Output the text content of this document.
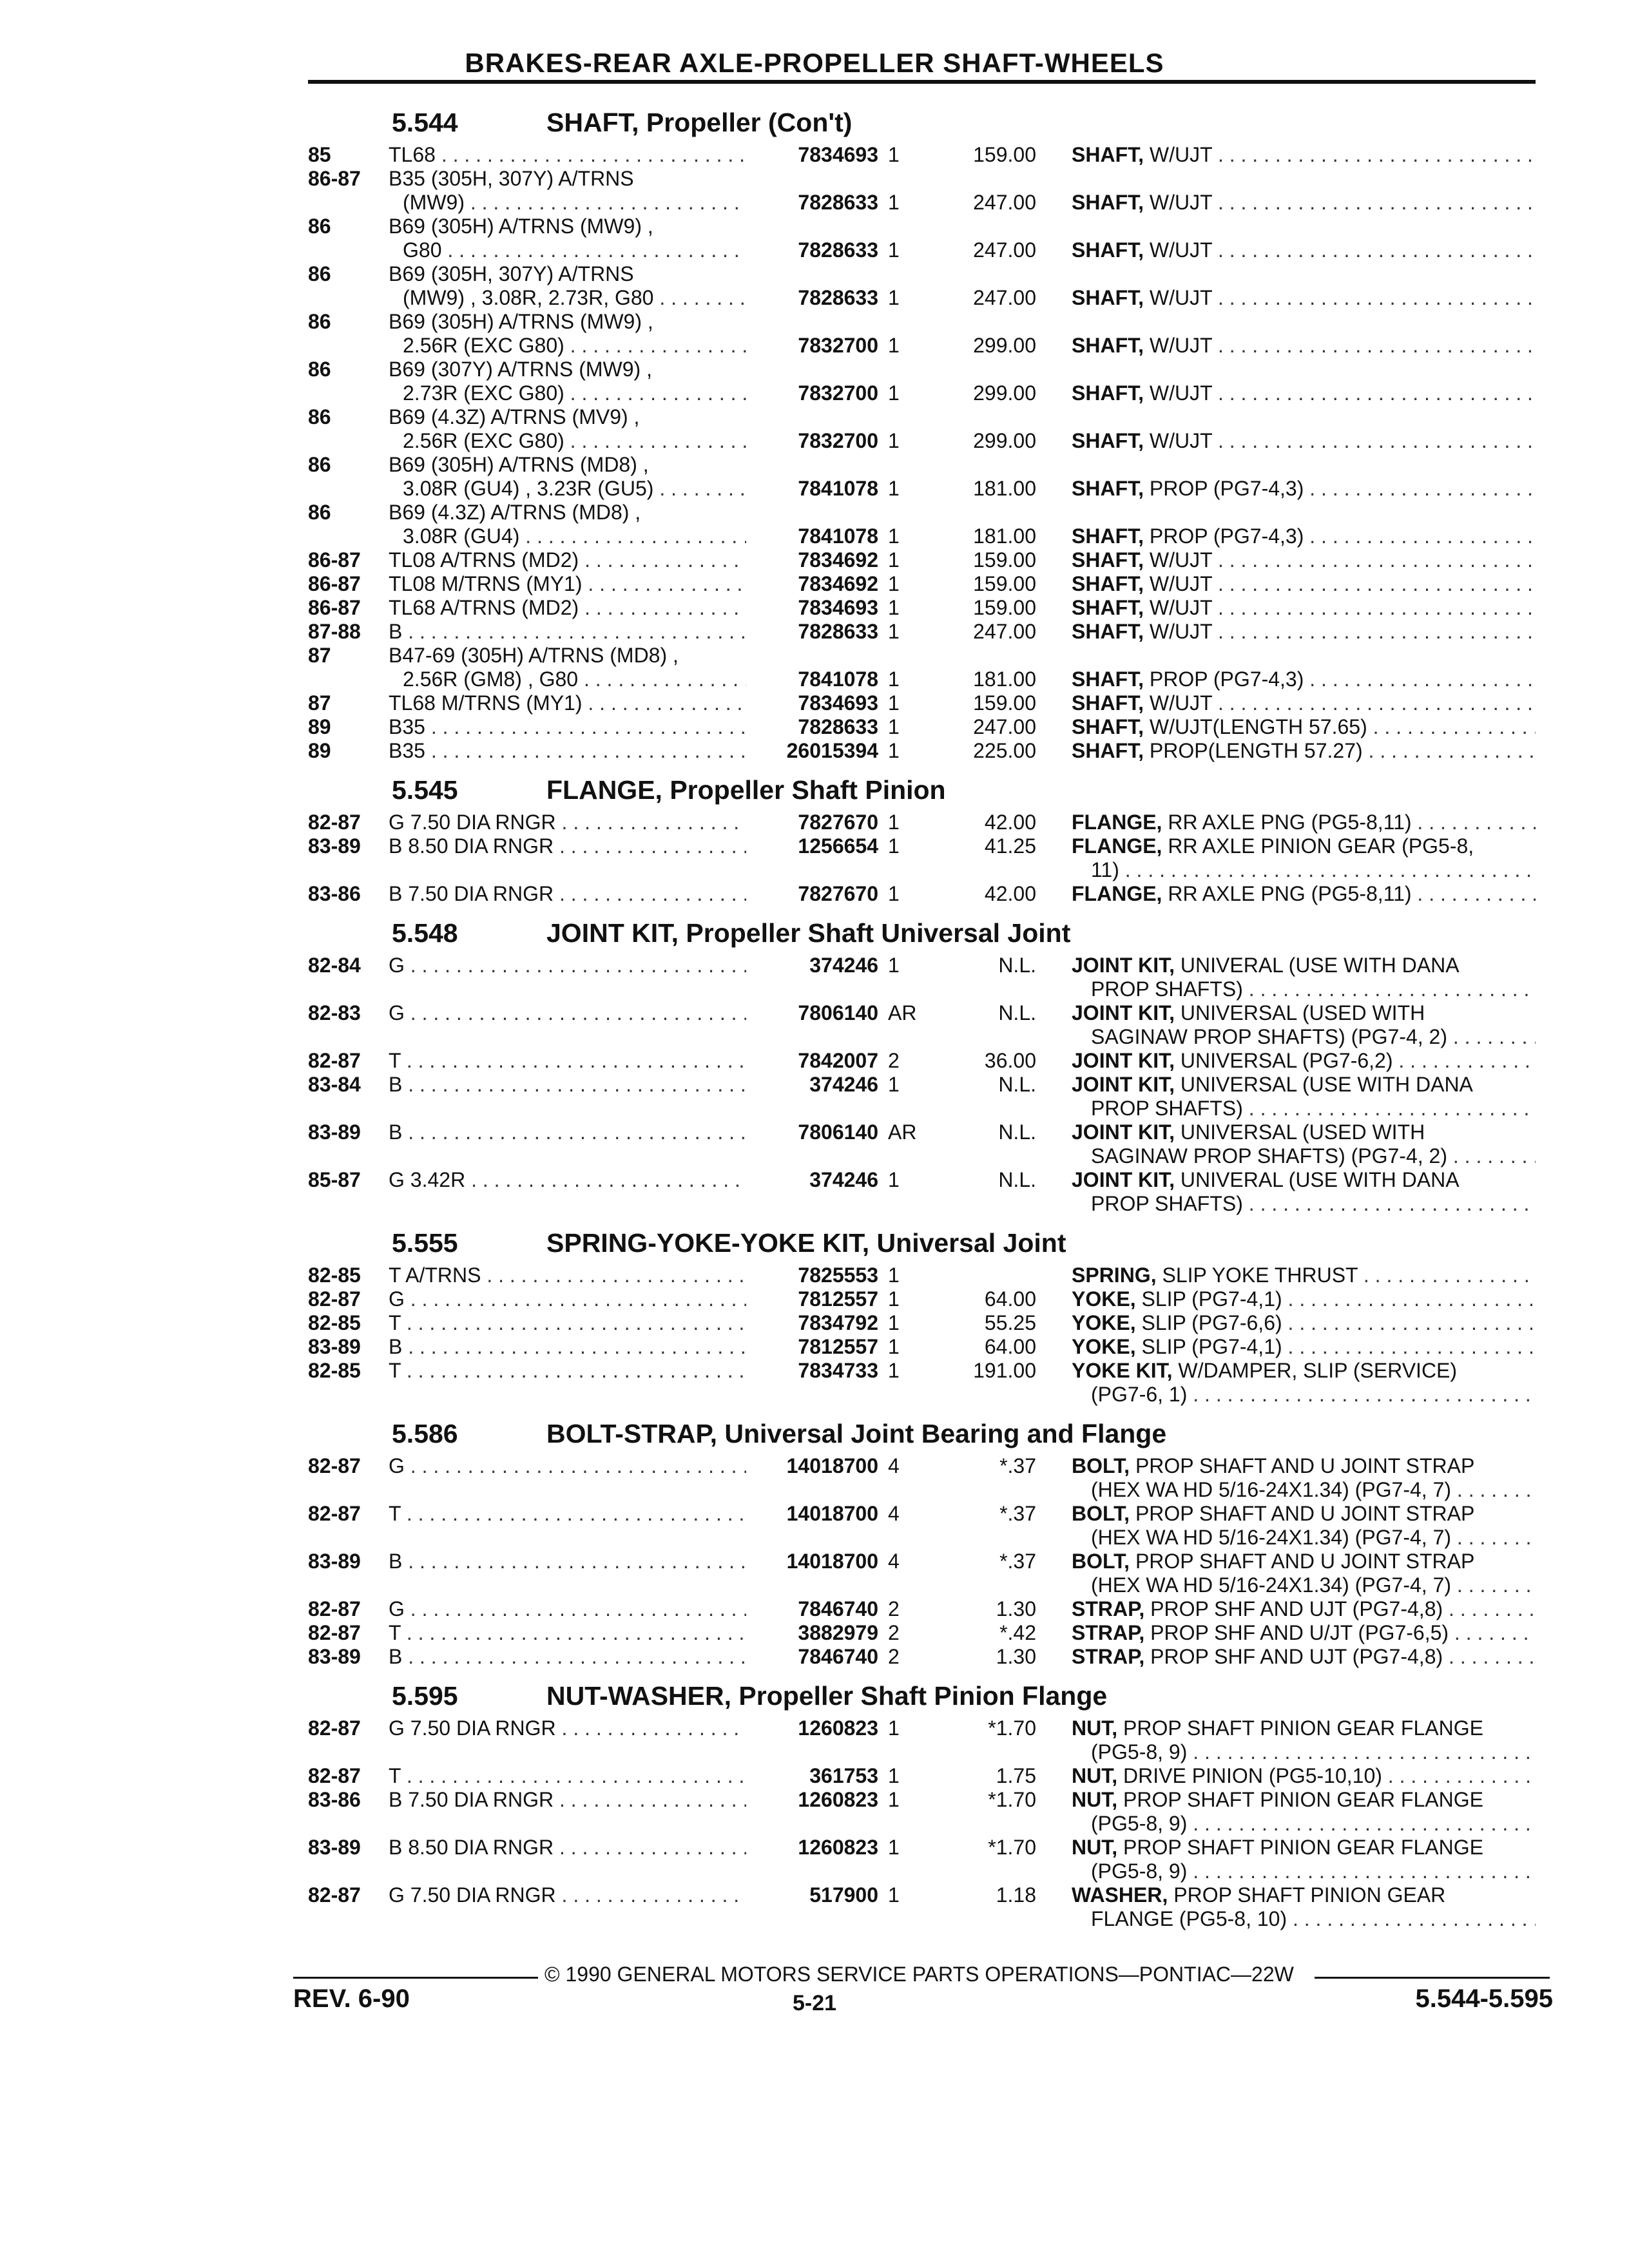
BRAKES-REAR AXLE-PROPELLER SHAFT-WHEELS
5.544	SHAFT, Propeller (Con't)
85	TL68 . . .	7834693 1	159.00 SHAFT, W/UJT . . .
86-87 B35 (305H, 307Y) A/TRNS
(MW9) . . .	7828633 1	247.00 SHAFT, W/UJT . . .
86	B69 (305H) A/TRNS (MW9) ,
G80 . . .	7828633 1	247.00 SHAFT, W/UJT . . .
86	B69 (305H, 307Y) A/TRNS
(MW9) , 3.08R, 2.73R, G80 . . .	7828633 1	247.00 SHAFT, W/UJT . . .
86	B69 (305H) A/TRNS (MW9) ,
2.56R (EXC G80) . . .	7832700 1	299.00 SHAFT, W/UJT . . .
86	B69 (307Y) A/TRNS (MW9) ,
2.73R (EXC G80) . . .	7832700 1	299.00 SHAFT, W/UJT . . .
86	B69 (4.3Z) A/TRNS (MV9) ,
2.56R (EXC G80) . . .	7832700 1	299.00 SHAFT, W/UJT . . .
86	B69 (305H) A/TRNS (MD8) ,
3.08R (GU4) , 3.23R (GU5) . . .	7841078 1	181.00 SHAFT, PROP (PG7-4,3) . . .
86	B69 (4.3Z) A/TRNS (MD8) ,
3.08R (GU4) . . .	7841078 1	181.00 SHAFT, PROP (PG7-4,3) . . .
86-87 TL08 A/TRNS (MD2) . . .	7834692 1	159.00 SHAFT, W/UJT . . .
86-87 TL08 M/TRNS (MY1) . . .	7834692 1	159.00 SHAFT, W/UJT . . .
86-87 TL68 A/TRNS (MD2) . . .	7834693 1	159.00 SHAFT, W/UJT . . .
87-88 B . . .	7828633 1	247.00 SHAFT, W/UJT . . .
87	B47-69 (305H) A/TRNS (MD8) ,
2.56R (GM8) , G80 . . .	7841078 1	181.00 SHAFT, PROP (PG7-4,3) . . .
87	TL68 M/TRNS (MY1) . . .	7834693 1	159.00 SHAFT, W/UJT . . .
89	B35 . . .	7828633 1	247.00 SHAFT, W/UJT(LENGTH 57.65) . . .
89	B35 . . .	26015394 1	225.00 SHAFT, PROP(LENGTH 57.27) . . .
5.545	FLANGE, Propeller Shaft Pinion
82-87 G 7.50 DIA RNGR . . .	7827670 1	42.00 FLANGE, RR AXLE PNG (PG5-8,11) . . .
83-89 B 8.50 DIA RNGR . . .	1256654 1	41.25 FLANGE, RR AXLE PINION GEAR (PG5-8,
11) . . .
83-86 B 7.50 DIA RNGR . . .	7827670 1	42.00 FLANGE, RR AXLE PNG (PG5-8,11) . . .
5.548	JOINT KIT, Propeller Shaft Universal Joint
82-84 G . . .	374246 1	N.L. JOINT KIT, UNIVERAL (USE WITH DANA
PROP SHAFTS) . . .
82-83 G . . .	7806140 AR	N.L. JOINT KIT, UNIVERSAL (USED WITH
SAGINAW PROP SHAFTS) (PG7-4, 2) . . .
82-87 T . . .	7842007 2	36.00 JOINT KIT, UNIVERSAL (PG7-6,2) . . .
83-84 B . . .	374246 1	N.L. JOINT KIT, UNIVERSAL (USE WITH DANA
PROP SHAFTS) . . .
83-89 B . . .	7806140 AR	N.L. JOINT KIT, UNIVERSAL (USED WITH
SAGINAW PROP SHAFTS) (PG7-4, 2) . . .
85-87 G 3.42R . . .	374246 1	N.L. JOINT KIT, UNIVERAL (USE WITH DANA
PROP SHAFTS) . . .
5.555	SPRING-YOKE-YOKE KIT, Universal Joint
82-85 T A/TRNS . . .	7825553 1	SPRING, SLIP YOKE THRUST . . .
82-87 G . . .	7812557 1	64.00 YOKE, SLIP (PG7-4,1) . . .
82-85 T . . .	7834792 1	55.25 YOKE, SLIP (PG7-6,6) . . .
83-89 B . . .	7812557 1	64.00 YOKE, SLIP (PG7-4,1) . . .
82-85 T . . .	7834733 1	191.00 YOKE KIT, W/DAMPER, SLIP (SERVICE)
(PG7-6, 1) . . .
5.586	BOLT-STRAP, Universal Joint Bearing and Flange
82-87 G . . .	14018700 4	*.37 BOLT, PROP SHAFT AND U JOINT STRAP
(HEX WA HD 5/16-24X1.34) (PG7-4, 7) . . .
82-87 T . . .	14018700 4	*.37 BOLT, PROP SHAFT AND U JOINT STRAP
(HEX WA HD 5/16-24X1.34) (PG7-4, 7) . . .
83-89 B . . .	14018700 4	*.37 BOLT, PROP SHAFT AND U JOINT STRAP
(HEX WA HD 5/16-24X1.34) (PG7-4, 7) . . .
82-87 G . . .	7846740 2	1.30 STRAP, PROP SHF AND UJT (PG7-4,8) . . .
82-87 T . . .	3882979 2	*.42 STRAP, PROP SHF AND U/JT (PG7-6,5) . . .
83-89 B . . .	7846740 2	1.30 STRAP, PROP SHF AND UJT (PG7-4,8) . . .
5.595	NUT-WASHER, Propeller Shaft Pinion Flange
82-87 G 7.50 DIA RNGR . . .	1260823 1	*1.70 NUT, PROP SHAFT PINION GEAR FLANGE
(PG5-8, 9) . . .
82-87 T . . .	361753 1	1.75 NUT, DRIVE PINION (PG5-10,10) . . .
83-86 B 7.50 DIA RNGR . . .	1260823 1	*1.70 NUT, PROP SHAFT PINION GEAR FLANGE
(PG5-8, 9) . . .
83-89 B 8.50 DIA RNGR . . .	1260823 1	*1.70 NUT, PROP SHAFT PINION GEAR FLANGE
(PG5-8, 9) . . .
82-87 G 7.50 DIA RNGR . . .	517900 1	1.18 WASHER, PROP SHAFT PINION GEAR
FLANGE (PG5-8, 10) . . .
© 1990 GENERAL MOTORS SERVICE PARTS OPERATIONS—PONTIAC—22W
REV. 6-90	5-21	5.544-5.595
